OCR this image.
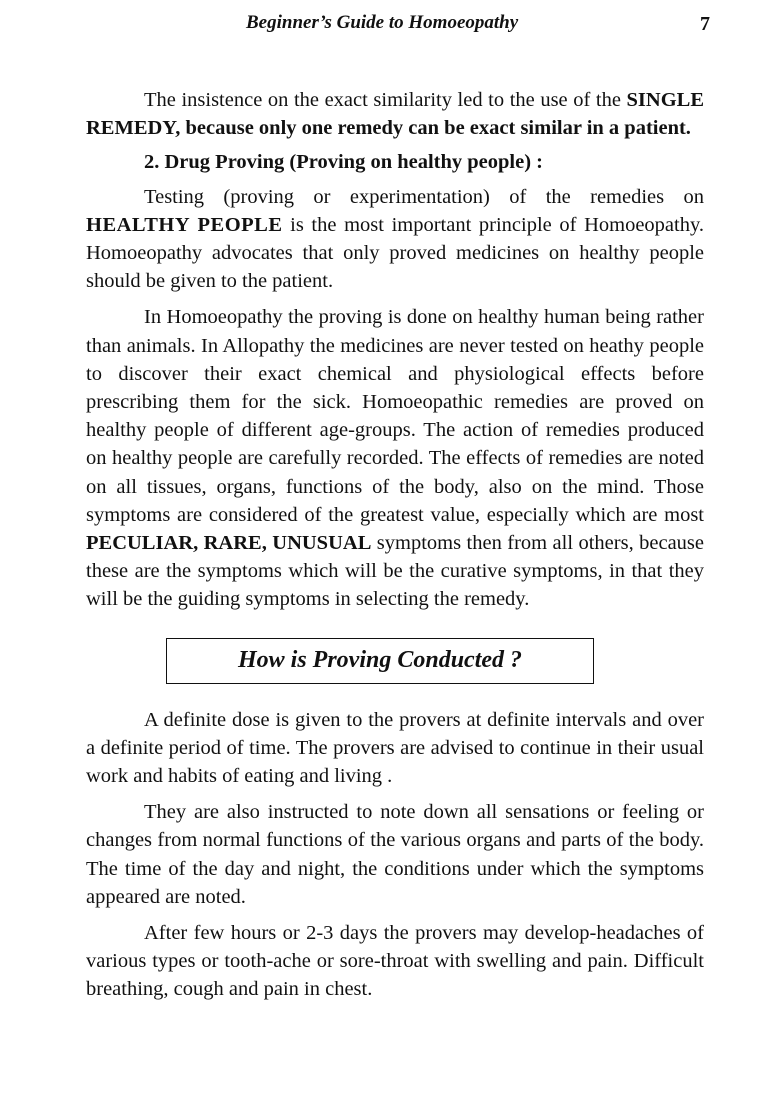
Beginner’s Guide to Homoeopathy	7

The insistence on the exact similarity led to the use of the SINGLE REMEDY, because only one remedy can be exact similar in a patient.

2. Drug Proving (Proving on healthy people) :

Testing (proving or experimentation) of the remedies on HEALTHY PEOPLE is the most important principle of Homoeopathy. Homoeopathy advocates that only proved medicines on healthy people should be given to the patient.

In Homoeopathy the proving is done on healthy human being rather than animals. In Allopathy the medicines are never tested on heathy people to discover their exact chemical and physiological effects before prescribing them for the sick. Homoeopathic remedies are proved on healthy people of different age-groups. The action of remedies produced on healthy people are carefully recorded. The effects of remedies are noted on all tissues, organs, functions of the body, also on the mind. Those symptoms are considered of the greatest value, especially which are most PECULIAR, RARE, UNUSUAL symptoms then from all others, because these are the symptoms which will be the curative symptoms, in that they will be the guiding symptoms in selecting the remedy.

How is Proving Conducted ?

A definite dose is given to the provers at definite intervals and over a definite period of time. The provers are advised to continue in their usual work and habits of eating and living .

They are also instructed to note down all sensations or feeling or changes from normal functions of the various organs and parts of the body. The time of the day and night, the conditions under which the symptoms appeared are noted.

After few hours or 2-3 days the provers may develop-headaches of various types or tooth-ache or sore-throat with swelling and pain. Difficult breathing, cough and pain in chest.
